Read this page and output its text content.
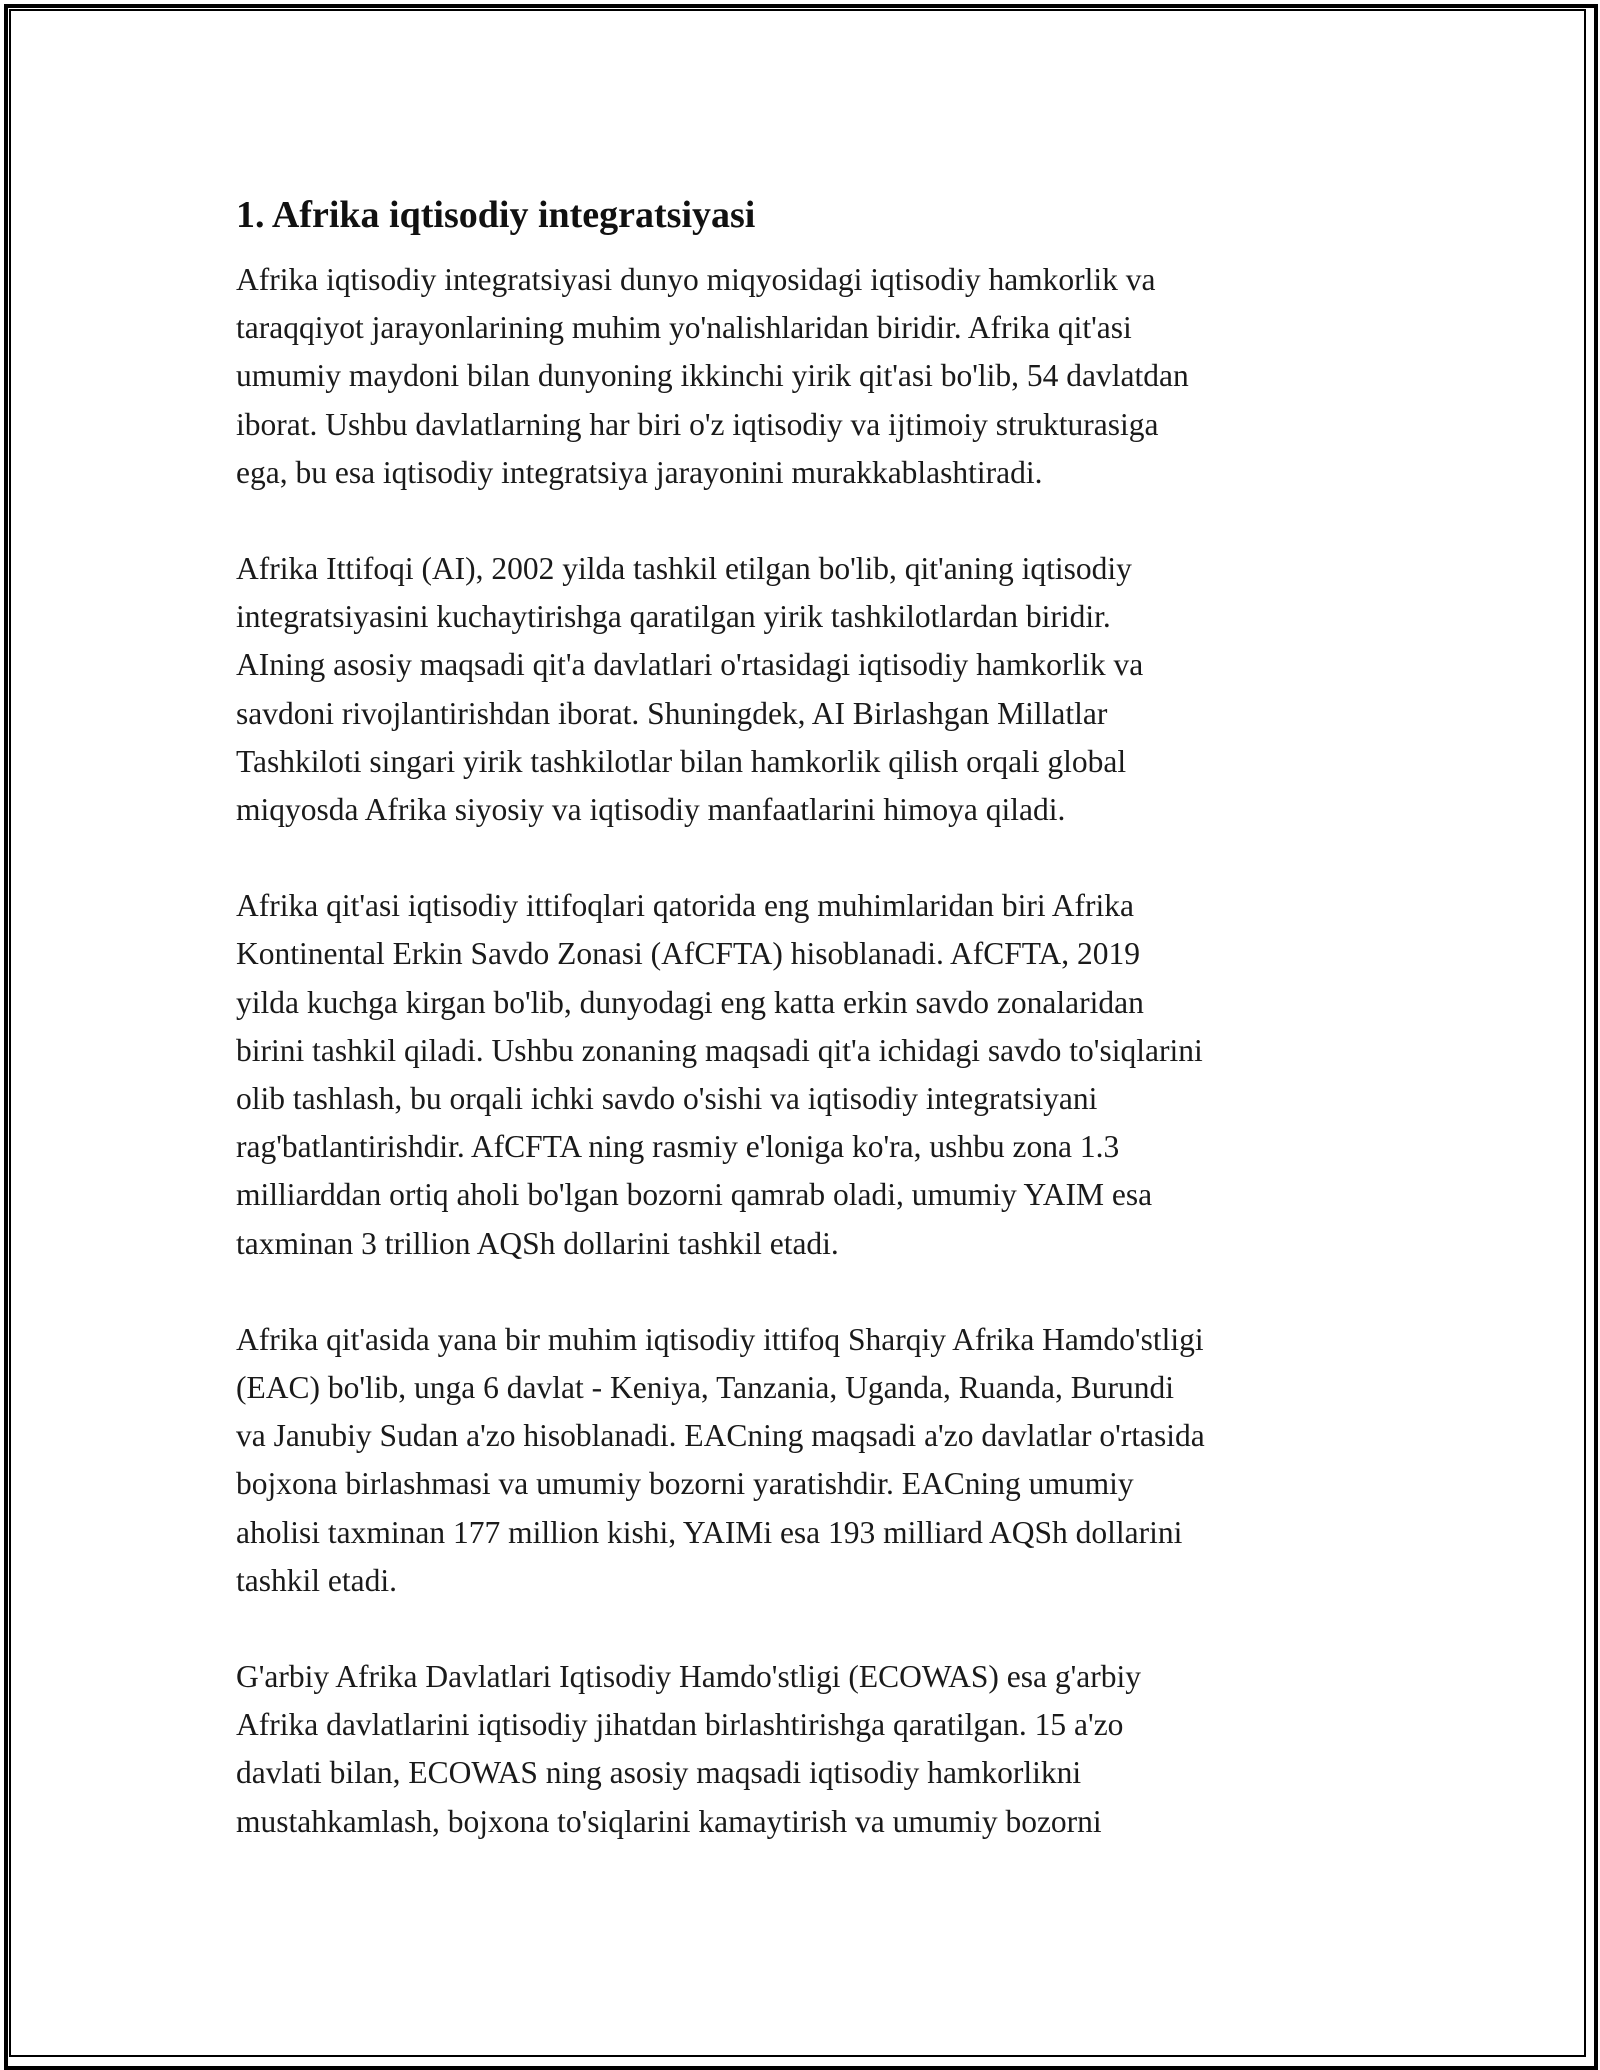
1. Afrika iqtisodiy integratsiyasi

Afrika iqtisodiy integratsiyasi dunyo miqyosidagi iqtisodiy hamkorlik va
taraqqiyot jarayonlarining muhim yo'nalishlaridan biridir. Afrika qit'asi
umumiy maydoni bilan dunyoning ikkinchi yirik qit'asi bo'lib, 54 davlatdan
iborat. Ushbu davlatlarning har biri o'z iqtisodiy va ijtimoiy strukturasiga
ega, bu esa iqtisodiy integratsiya jarayonini murakkablashtiradi.

Afrika Ittifoqi (AI), 2002 yilda tashkil etilgan bo'lib, qit'aning iqtisodiy
integratsiyasini kuchaytirishga qaratilgan yirik tashkilotlardan biridir.
AIning asosiy maqsadi qit'a davlatlari o'rtasidagi iqtisodiy hamkorlik va
savdoni rivojlantirishdan iborat. Shuningdek, AI Birlashgan Millatlar
Tashkiloti singari yirik tashkilotlar bilan hamkorlik qilish orqali global
miqyosda Afrika siyosiy va iqtisodiy manfaatlarini himoya qiladi.

Afrika qit'asi iqtisodiy ittifoqlari qatorida eng muhimlaridan biri Afrika
Kontinental Erkin Savdo Zonasi (AfCFTA) hisoblanadi. AfCFTA, 2019
yilda kuchga kirgan bo'lib, dunyodagi eng katta erkin savdo zonalaridan
birini tashkil qiladi. Ushbu zonaning maqsadi qit'a ichidagi savdo to'siqlarini
olib tashlash, bu orqali ichki savdo o'sishi va iqtisodiy integratsiyani
rag'batlantirishdir. AfCFTA ning rasmiy e'loniga ko'ra, ushbu zona 1.3
milliarddan ortiq aholi bo'lgan bozorni qamrab oladi, umumiy YAIM esa
taxminan 3 trillion AQSh dollarini tashkil etadi.

Afrika qit'asida yana bir muhim iqtisodiy ittifoq Sharqiy Afrika Hamdo'stligi
(EAC) bo'lib, unga 6 davlat - Keniya, Tanzania, Uganda, Ruanda, Burundi
va Janubiy Sudan a'zo hisoblanadi. EACning maqsadi a'zo davlatlar o'rtasida
bojxona birlashmasi va umumiy bozorni yaratishdir. EACning umumiy
aholisi taxminan 177 million kishi, YAIMi esa 193 milliard AQSh dollarini
tashkil etadi.

G'arbiy Afrika Davlatlari Iqtisodiy Hamdo'stligi (ECOWAS) esa g'arbiy
Afrika davlatlarini iqtisodiy jihatdan birlashtirishga qaratilgan. 15 a'zo
davlati bilan, ECOWAS ning asosiy maqsadi iqtisodiy hamkorlikni
mustahkamlash, bojxona to'siqlarini kamaytirish va umumiy bozorni
